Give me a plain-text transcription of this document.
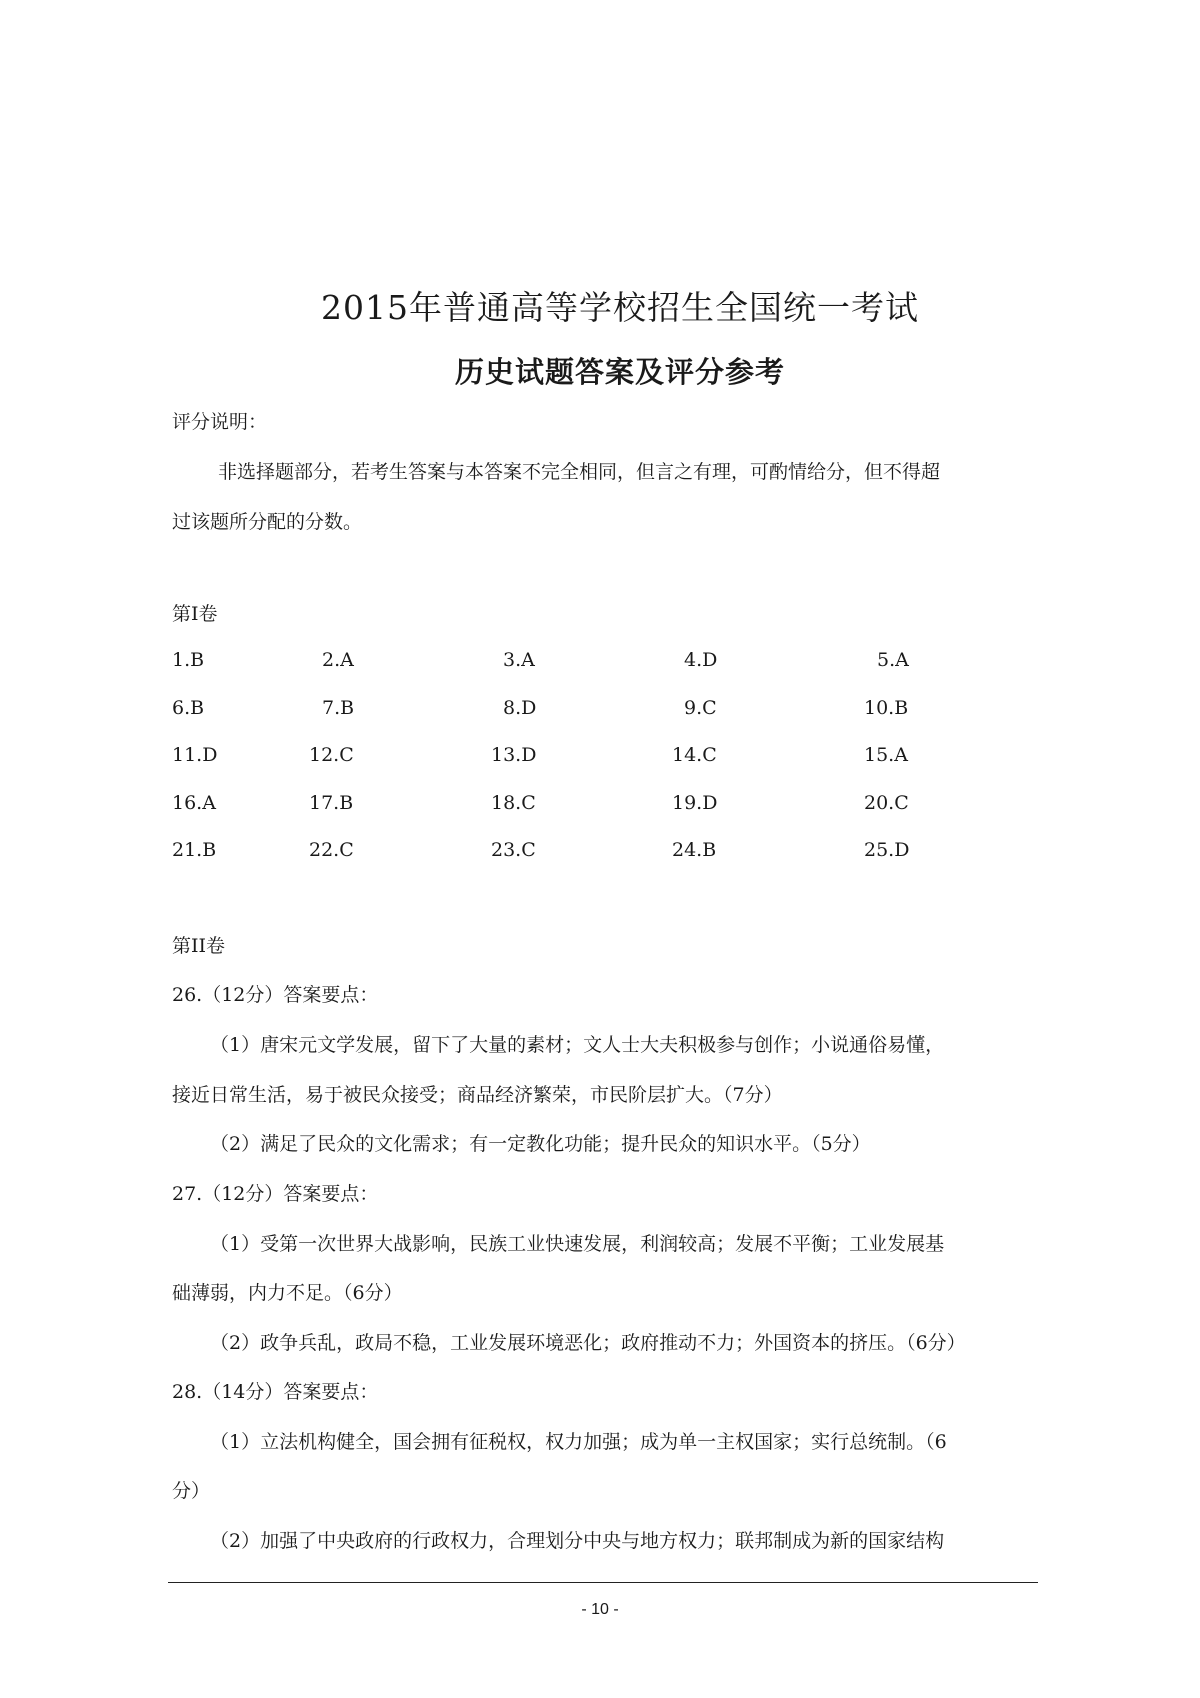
2015年普通高等学校招生全国统一考试
历史试题答案及评分参考
评分说明：
非选择题部分，若考生答案与本答案不完全相同，但言之有理，可酌情给分，但不得超
过该题所分配的分数。
第Ⅰ卷
1.B	2.A	3.A	4.D	5.A
6.B	7.B	8.D	9.C	10.B
11.D	12.C	13.D	14.C	15.A
16.A	17.B	18.C	19.D	20.C
21.B	22.C	23.C	24.B	25.D
第II卷
26.（12分）答案要点：
（1）唐宋元文学发展，留下了大量的素材；文人士大夫积极参与创作；小说通俗易懂，
接近日常生活，易于被民众接受；商品经济繁荣，市民阶层扩大。（7分）
（2）满足了民众的文化需求；有一定教化功能；提升民众的知识水平。（5分）
27.（12分）答案要点：
（1）受第一次世界大战影响，民族工业快速发展，利润较高；发展不平衡；工业发展基
础薄弱，内力不足。（6分）
（2）政争兵乱，政局不稳，工业发展环境恶化；政府推动不力；外国资本的挤压。（6分）
28.（14分）答案要点：
（1）立法机构健全，国会拥有征税权，权力加强；成为单一主权国家；实行总统制。（6
分）
（2）加强了中央政府的行政权力，合理划分中央与地方权力；联邦制成为新的国家结构
- 10 -
